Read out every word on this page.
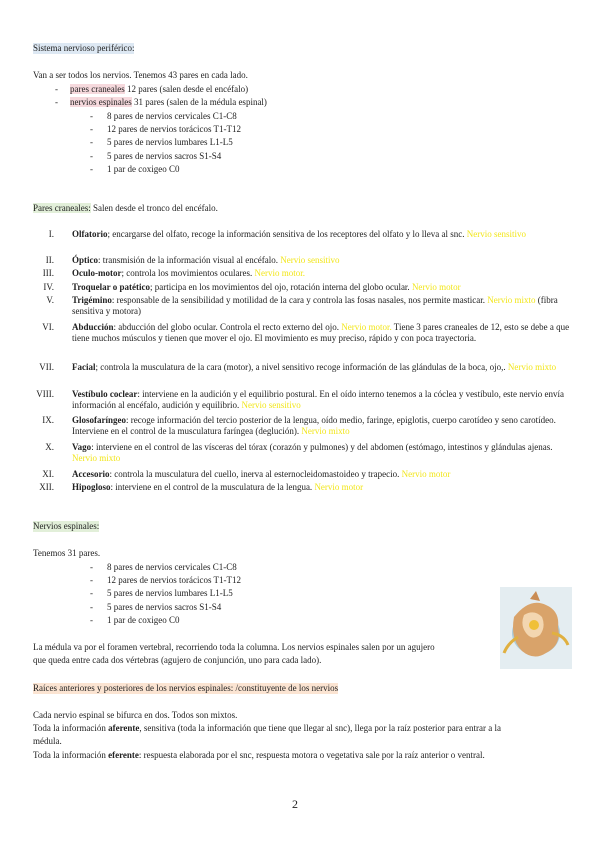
Sistema nervioso periférico:
Van a ser todos los nervios. Tenemos 43 pares en cada lado.
- pares craneales 12 pares (salen desde el encéfalo)
- nervios espinales 31 pares (salen de la médula espinal)
- 8 pares de nervios cervicales C1-C8
- 12 pares de nervios torácicos T1-T12
- 5 pares de nervios lumbares L1-L5
- 5 pares de nervios sacros S1-S4
- 1 par de coxigeo C0
Pares craneales: Salen desde el tronco del encéfalo.
I. Olfatorio; encargarse del olfato, recoge la información sensitiva de los receptores del olfato y lo lleva al snc. Nervio sensitivo
II. Óptico: transmisión de la información visual al encéfalo. Nervio sensitivo
III. Oculo-motor; controla los movimientos oculares. Nervio motor.
IV. Troquelar o patético; participa en los movimientos del ojo, rotación interna del globo ocular. Nervio motor
V. Trigémino: responsable de la sensibilidad y motilidad de la cara y controla las fosas nasales, nos permite masticar. Nervio mixto (fibra sensitiva y motora)
VI. Abducción: abducción del globo ocular. Controla el recto externo del ojo. Nervio motor. Tiene 3 pares craneales de 12, esto se debe a que tiene muchos músculos y tienen que mover el ojo. El movimiento es muy preciso, rápido y con poca trayectoria.
VII. Facial; controla la musculatura de la cara (motor), a nivel sensitivo recoge información de las glándulas de la boca, ojo,. Nervio mixto
VIII. Vestíbulo coclear: interviene en la audición y el equilibrio postural. En el oído interno tenemos a la cóclea y vestíbulo, este nervio envía información al encéfalo, audición y equilibrio. Nervio sensitivo
IX. Glosofaríngeo: recoge información del tercio posterior de la lengua, oído medio, faringe, epiglotis, cuerpo carotídeo y seno carotídeo. Interviene en el control de la musculatura faríngea (deglución). Nervio mixto
X. Vago: interviene en el control de las vísceras del tórax (corazón y pulmones) y del abdomen (estómago, intestinos y glándulas ajenas. Nervio mixto
XI. Accesorio: controla la musculatura del cuello, inerva al esternocleidomastoideo y trapecio. Nervio motor
XII. Hipogloso: interviene en el control de la musculatura de la lengua. Nervio motor
Nervios espinales:
Tenemos 31 pares.
- 8 pares de nervios cervicales C1-C8
- 12 pares de nervios torácicos T1-T12
- 5 pares de nervios lumbares L1-L5
- 5 pares de nervios sacros S1-S4
- 1 par de coxigeo C0
La médula va por el foramen vertebral, recorriendo toda la columna. Los nervios espinales salen por un agujero
que queda entre cada dos vértebras (agujero de conjunción, uno para cada lado).
Raíces anteriores y posteriores de los nervios espinales: /constituyente de los nervios
Cada nervio espinal se bifurca en dos. Todos son mixtos.
Toda la información aferente, sensitiva (toda la información que tiene que llegar al snc), llega por la raíz posterior para entrar a la
médula.
Toda la información eferente: respuesta elaborada por el snc, respuesta motora o vegetativa sale por la raíz anterior o ventral.
2
